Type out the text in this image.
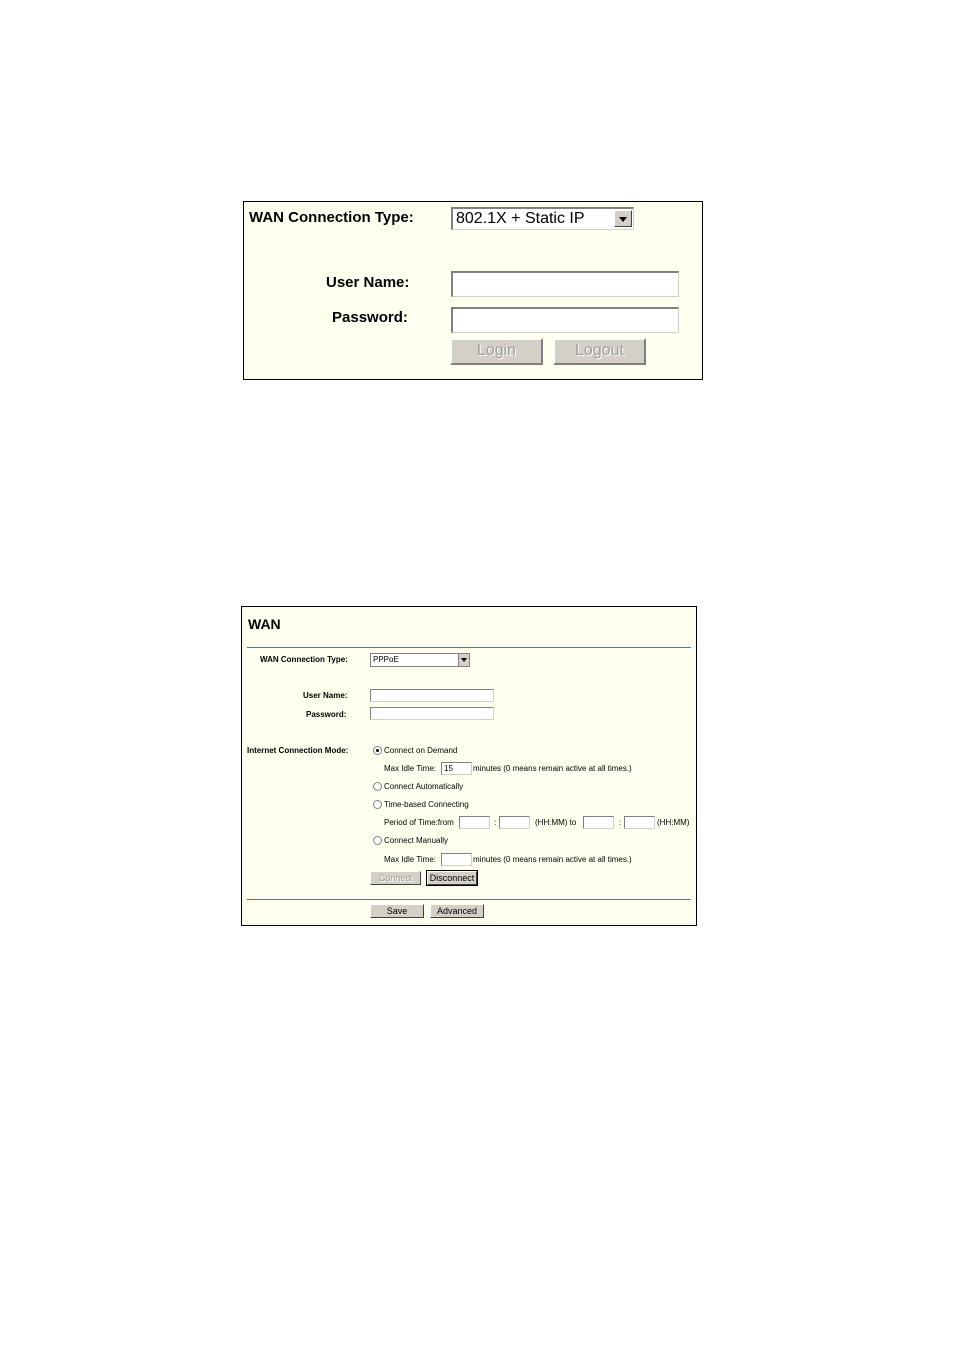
WAN Connection Type:	802.1X + Static IP
User Name:
Password:
Login	Logout
WAN
WAN Connection Type:	PPPoE
User Name:
Password:
Internet Connection Mode:	Connect on Demand
Max Idle Time: 15	minutes (0 means remain active at all times.)
Connect Automatically
Time-based Connecting
Period of Time:from	:	(HH:MM) to	:	(HH:MM)
Connect Manually
Max Idle Time:	minutes (0 means remain active at all times.)
Connect	Disconnect
Save	Advanced
